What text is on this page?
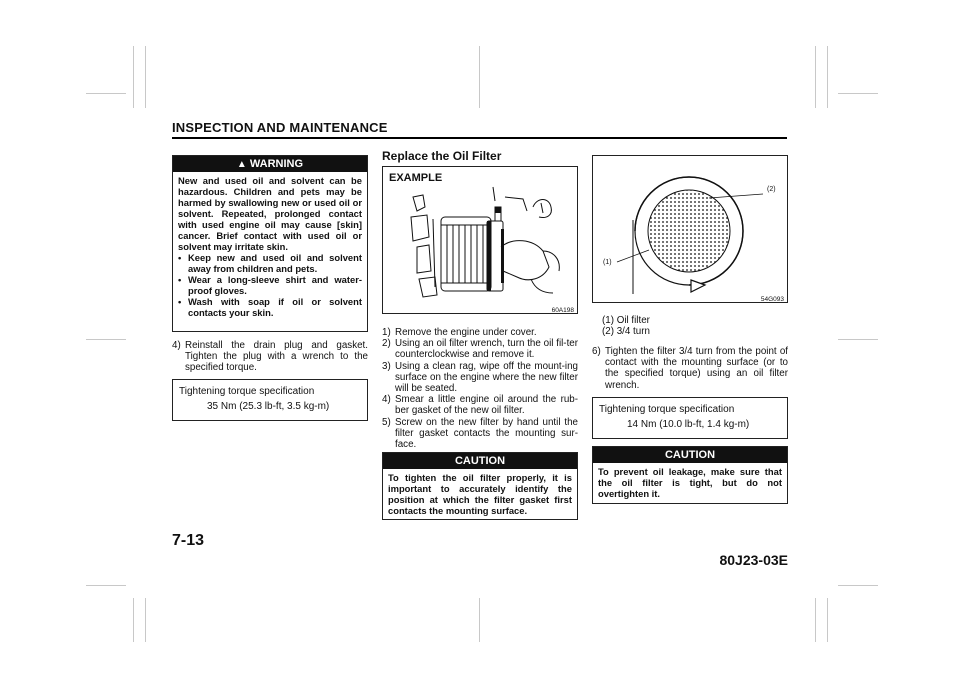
INSPECTION AND MAINTENANCE
▲ WARNING
New and used oil and solvent can be hazardous. Children and pets may be harmed by swallowing new or used oil or solvent. Repeated, prolonged contact with used engine oil may cause [skin] cancer. Brief contact with used oil or solvent may irritate skin.
• Keep new and used oil and solvent away from children and pets.
• Wear a long-sleeve shirt and water-proof gloves.
• Wash with soap if oil or solvent contacts your skin.

4) Reinstall the drain plug and gasket. Tighten the plug with a wrench to the specified torque.

Tightening torque specification
35 Nm (25.3 lb-ft, 3.5 kg-m)
Replace the Oil Filter
EXAMPLE
60A198

1) Remove the engine under cover.

2) Using an oil filter wrench, turn the oil fil-ter counterclockwise and remove it.

3) Using a clean rag, wipe off the mount-ing surface on the engine where the new filter will be seated.

4) Smear a little engine oil around the rub-ber gasket of the new oil filter.

5) Screw on the new filter by hand until the filter gasket contacts the mounting sur-face.

CAUTION
To tighten the oil filter properly, it is important to accurately identify the position at which the filter gasket first contacts the mounting surface.
(2)
(1)
54G093
(1) Oil filter
(2) 3/4 turn

6) Tighten the filter 3/4 turn from the point of contact with the mounting surface (or to the specified torque) using an oil filter wrench.

Tightening torque specification
14 Nm (10.0 lb-ft, 1.4 kg-m)
CAUTION
To prevent oil leakage, make sure that the oil filter is tight, but do not overtighten it.
7-13
80J23-03E
